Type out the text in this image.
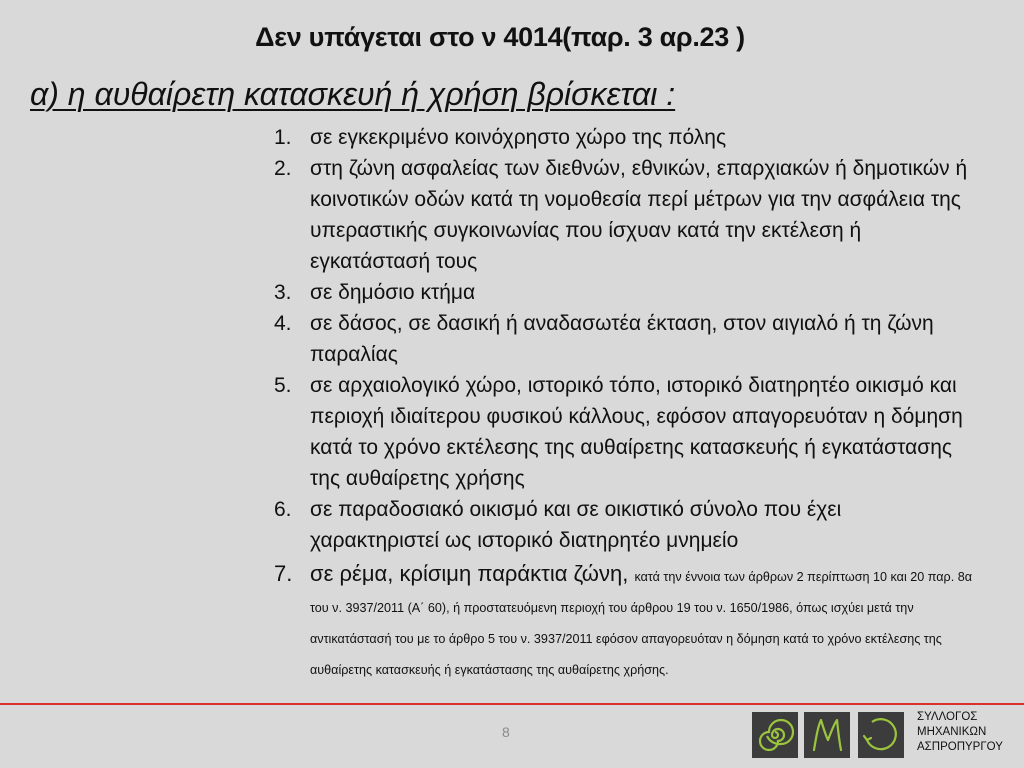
Δεν υπάγεται στο ν 4014(παρ. 3 αρ.23 )
α) η αυθαίρετη κατασκευή ή χρήση βρίσκεται :
1. σε εγκεκριμένο κοινόχρηστο χώρο της πόλης
2. στη ζώνη ασφαλείας των διεθνών, εθνικών, επαρχιακών ή δημοτικών ή κοινοτικών οδών κατά τη νομοθεσία περί μέτρων για την ασφάλεια της υπεραστικής συγκοινωνίας που ίσχυαν κατά την εκτέλεση ή εγκατάστασή τους
3. σε δημόσιο κτήμα
4. σε δάσος, σε δασική ή αναδασωτέα έκταση, στον αιγιαλό ή τη ζώνη παραλίας
5. σε αρχαιολογικό χώρο, ιστορικό τόπο, ιστορικό διατηρητέο οικισμό και περιοχή ιδιαίτερου φυσικού κάλλους, εφόσον απαγορευόταν η δόμηση κατά το χρόνο εκτέλεσης της αυθαίρετης κατασκευής ή εγκατάστασης της αυθαίρετης χρήσης
6. σε παραδοσιακό οικισμό και σε οικιστικό σύνολο που έχει χαρακτηριστεί ως ιστορικό διατηρητέο μνημείο
7. σε ρέμα, κρίσιμη παράκτια ζώνη, κατά την έννοια των άρθρων 2 περίπτωση 10 και 20 παρ. 8α του ν. 3937/2011 (Α΄ 60), ή προστατευόμενη περιοχή του άρθρου 19 του ν. 1650/1986, όπως ισχύει μετά την αντικατάστασή του με το άρθρο 5 του ν. 3937/2011 εφόσον απαγορευόταν η δόμηση κατά το χρόνο εκτέλεσης της αυθαίρετης κατασκευής ή εγκατάστασης της αυθαίρετης χρήσης.
8
ΣΥΛΛΟΓΟΣ
ΜΗΧΑΝΙΚΩΝ
ΑΣΠΡΟΠΥΡΓΟΥ
